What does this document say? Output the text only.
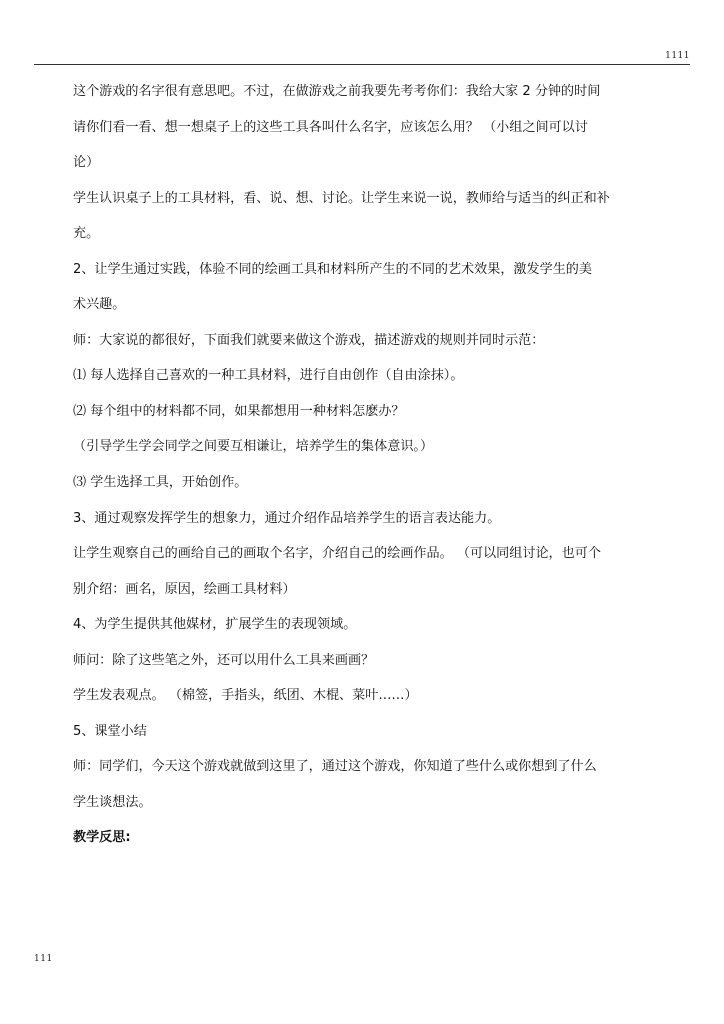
1111
这个游戏的名字很有意思吧。不过，在做游戏之前我要先考考你们：我给大家 2 分钟的时间
请你们看一看、想一想桌子上的这些工具各叫什么名字，应该怎么用？ （小组之间可以讨
论）
学生认识桌子上的工具材料，看、说、想、讨论。让学生来说一说，教师给与适当的纠正和补
充。
2、让学生通过实践，体验不同的绘画工具和材料所产生的不同的艺术效果，激发学生的美
术兴趣。
师：大家说的都很好，下面我们就要来做这个游戏，描述游戏的规则并同时示范：
⑴ 每人选择自己喜欢的一种工具材料，进行自由创作（自由涂抹）。
⑵ 每个组中的材料都不同，如果都想用一种材料怎麽办？
（引导学生学会同学之间要互相谦让，培养学生的集体意识。）
⑶ 学生选择工具，开始创作。
3、通过观察发挥学生的想象力，通过介绍作品培养学生的语言表达能力。
让学生观察自己的画给自己的画取个名字，介绍自己的绘画作品。 （可以同组讨论，也可个
别介绍：画名，原因，绘画工具材料）
4、为学生提供其他媒材，扩展学生的表现领域。
师问：除了这些笔之外，还可以用什么工具来画画？
学生发表观点。 （棉签，手指头，纸团、木棍、菜叶……）
5、课堂小结
师：同学们，今天这个游戏就做到这里了，通过这个游戏，你知道了些什么或你想到了什么
学生谈想法。
教学反思:
111
